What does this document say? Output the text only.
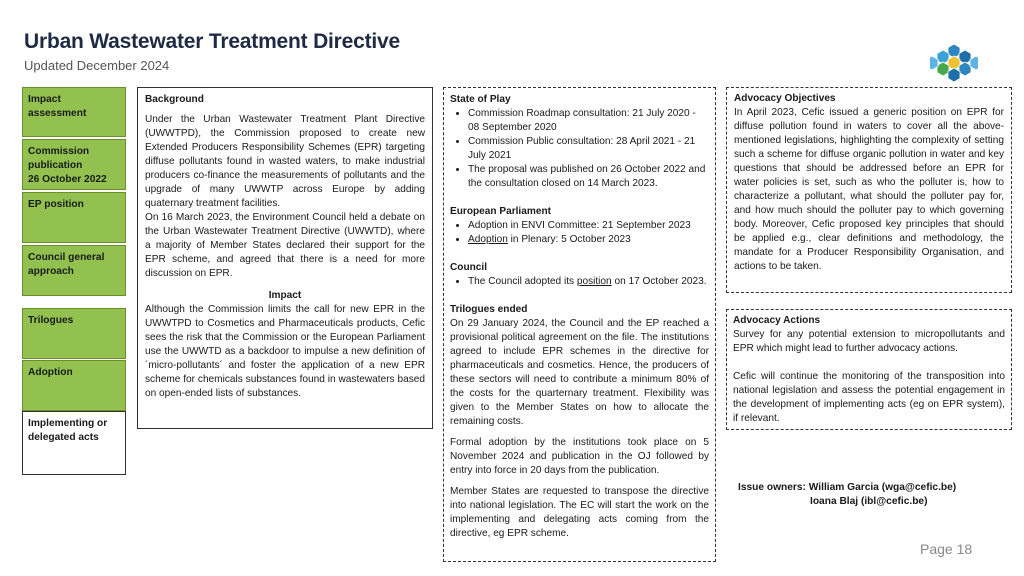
Urban Wastewater Treatment Directive
Updated December 2024
Impact assessment
Commission publication
26 October 2022
EP position
Council general approach
Trilogues
Adoption
Implementing or delegated acts
Background

Under the Urban Wastewater Treatment Plant Directive (UWWTPD), the Commission proposed to create new Extended Producers Responsibility Schemes (EPR) targeting diffuse pollutants found in wasted waters, to make industrial producers co-finance the measurements of pollutants and the upgrade of many UWWTP across Europe by adding quaternary treatment facilities.

On 16 March 2023, the Environment Council held a debate on the Urban Wastewater Treatment Directive (UWWTD), where a majority of Member States declared their support for the EPR scheme, and agreed that there is a need for more discussion on EPR.

Impact

Although the Commission limits the call for new EPR in the UWWTPD to Cosmetics and Pharmaceuticals products, Cefic sees the risk that the Commission or the European Parliament use the UWWTD as a backdoor to impulse a new definition of ´micro-pollutants´ and foster the application of a new EPR scheme for chemicals substances found in wastewaters based on open-ended lists of substances.

State of Play
• Commission Roadmap consultation: 21 July 2020 - 08 September 2020
• Commission Public consultation: 28 April 2021 - 21 July 2021
• The proposal was published on 26 October 2022 and the consultation closed on 14 March 2023.
European Parliament
• Adoption in ENVI Committee: 21 September 2023
• Adoption in Plenary: 5 October 2023
Council
• The Council adopted its position on 17 October 2023.
Trilogues ended

On 29 January 2024, the Council and the EP reached a provisional political agreement on the file. The institutions agreed to include EPR schemes in the directive for pharmaceuticals and cosmetics. Hence, the producers of these sectors will need to contribute a minimum 80% of the costs for the quarternary treatment. Flexibility was given to the Member States on how to allocate the remaining costs.

Formal adoption by the institutions took place on 5 November 2024 and publication in the OJ followed by entry into force in 20 days from the publication.

Member States are requested to transpose the directive into national legislation. The EC will start the work on the implementing and delegating acts coming from the directive, eg EPR scheme.

Advocacy Objectives

In April 2023, Cefic issued a generic position on EPR for diffuse pollution found in waters to cover all the above-mentioned legislations, highlighting the complexity of setting such a scheme for diffuse organic pollution in water and key questions that should be addressed before an EPR for water policies is set, such as who the polluter is, how to characterize a pollutant, what should the polluter pay for, and how much should the polluter pay to which governing body. Moreover, Cefic proposed key principles that should be applied e.g., clear definitions and methodology, the mandate for a Producer Responsibility Organisation, and actions to be taken.

Advocacy Actions

Survey for any potential extension to micropollutants and EPR which might lead to further advocacy actions.

Cefic will continue the monitoring of the transposition into national legislation and assess the potential engagement in the development of implementing acts (eg on EPR system), if relevant.

Issue owners: William Garcia (wga@cefic.be)
Ioana Blaj (ibl@cefic.be)
Page 18
